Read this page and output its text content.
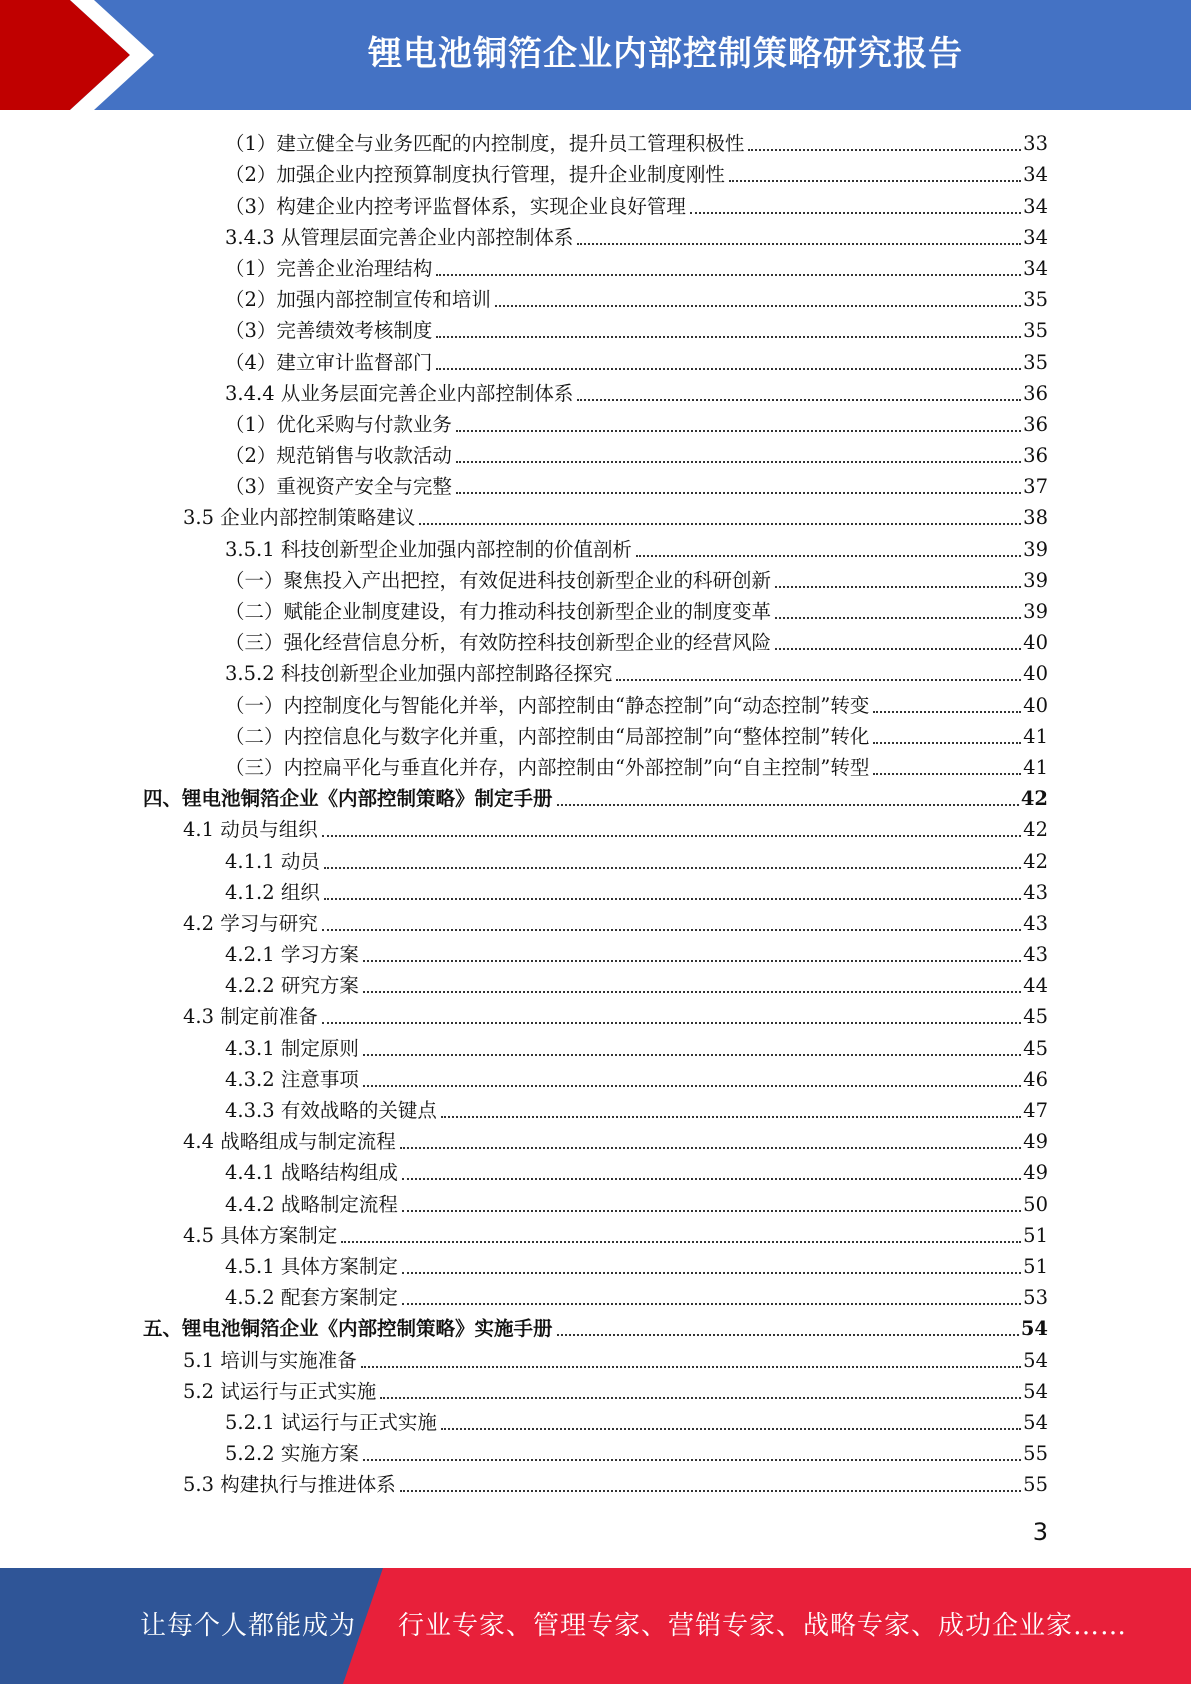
锂电池铜箔企业内部控制策略研究报告
（1）建立健全与业务匹配的内控制度，提升员工管理积极性	33
（2）加强企业内控预算制度执行管理，提升企业制度刚性	34
（3）构建企业内控考评监督体系，实现企业良好管理	34
3.4.3 从管理层面完善企业内部控制体系	34
（1）完善企业治理结构	34
（2）加强内部控制宣传和培训	35
（3）完善绩效考核制度	35
（4）建立审计监督部门	35
3.4.4 从业务层面完善企业内部控制体系	36
（1）优化采购与付款业务	36
（2）规范销售与收款活动	36
（3）重视资产安全与完整	37
3.5 企业内部控制策略建议	38
3.5.1 科技创新型企业加强内部控制的价值剖析	39
（一）聚焦投入产出把控，有效促进科技创新型企业的科研创新	39
（二）赋能企业制度建设，有力推动科技创新型企业的制度变革	39
（三）强化经营信息分析，有效防控科技创新型企业的经营风险	40
3.5.2 科技创新型企业加强内部控制路径探究	40
（一）内控制度化与智能化并举，内部控制由“静态控制”向“动态控制”转变	40
（二）内控信息化与数字化并重，内部控制由“局部控制”向“整体控制”转化	41
（三）内控扁平化与垂直化并存，内部控制由“外部控制”向“自主控制”转型	41
四、锂电池铜箔企业《内部控制策略》制定手册	42
4.1 动员与组织	42
4.1.1 动员	42
4.1.2 组织	43
4.2 学习与研究	43
4.2.1 学习方案	43
4.2.2 研究方案	44
4.3 制定前准备	45
4.3.1 制定原则	45
4.3.2 注意事项	46
4.3.3 有效战略的关键点	47
4.4 战略组成与制定流程	49
4.4.1 战略结构组成	49
4.4.2 战略制定流程	50
4.5 具体方案制定	51
4.5.1 具体方案制定	51
4.5.2 配套方案制定	53
五、锂电池铜箔企业《内部控制策略》实施手册	54
5.1 培训与实施准备	54
5.2 试运行与正式实施	54
5.2.1 试运行与正式实施	54
5.2.2 实施方案	55
5.3 构建执行与推进体系	55
3
让每个人都能成为 行业专家、管理专家、营销专家、战略专家、成功企业家……
